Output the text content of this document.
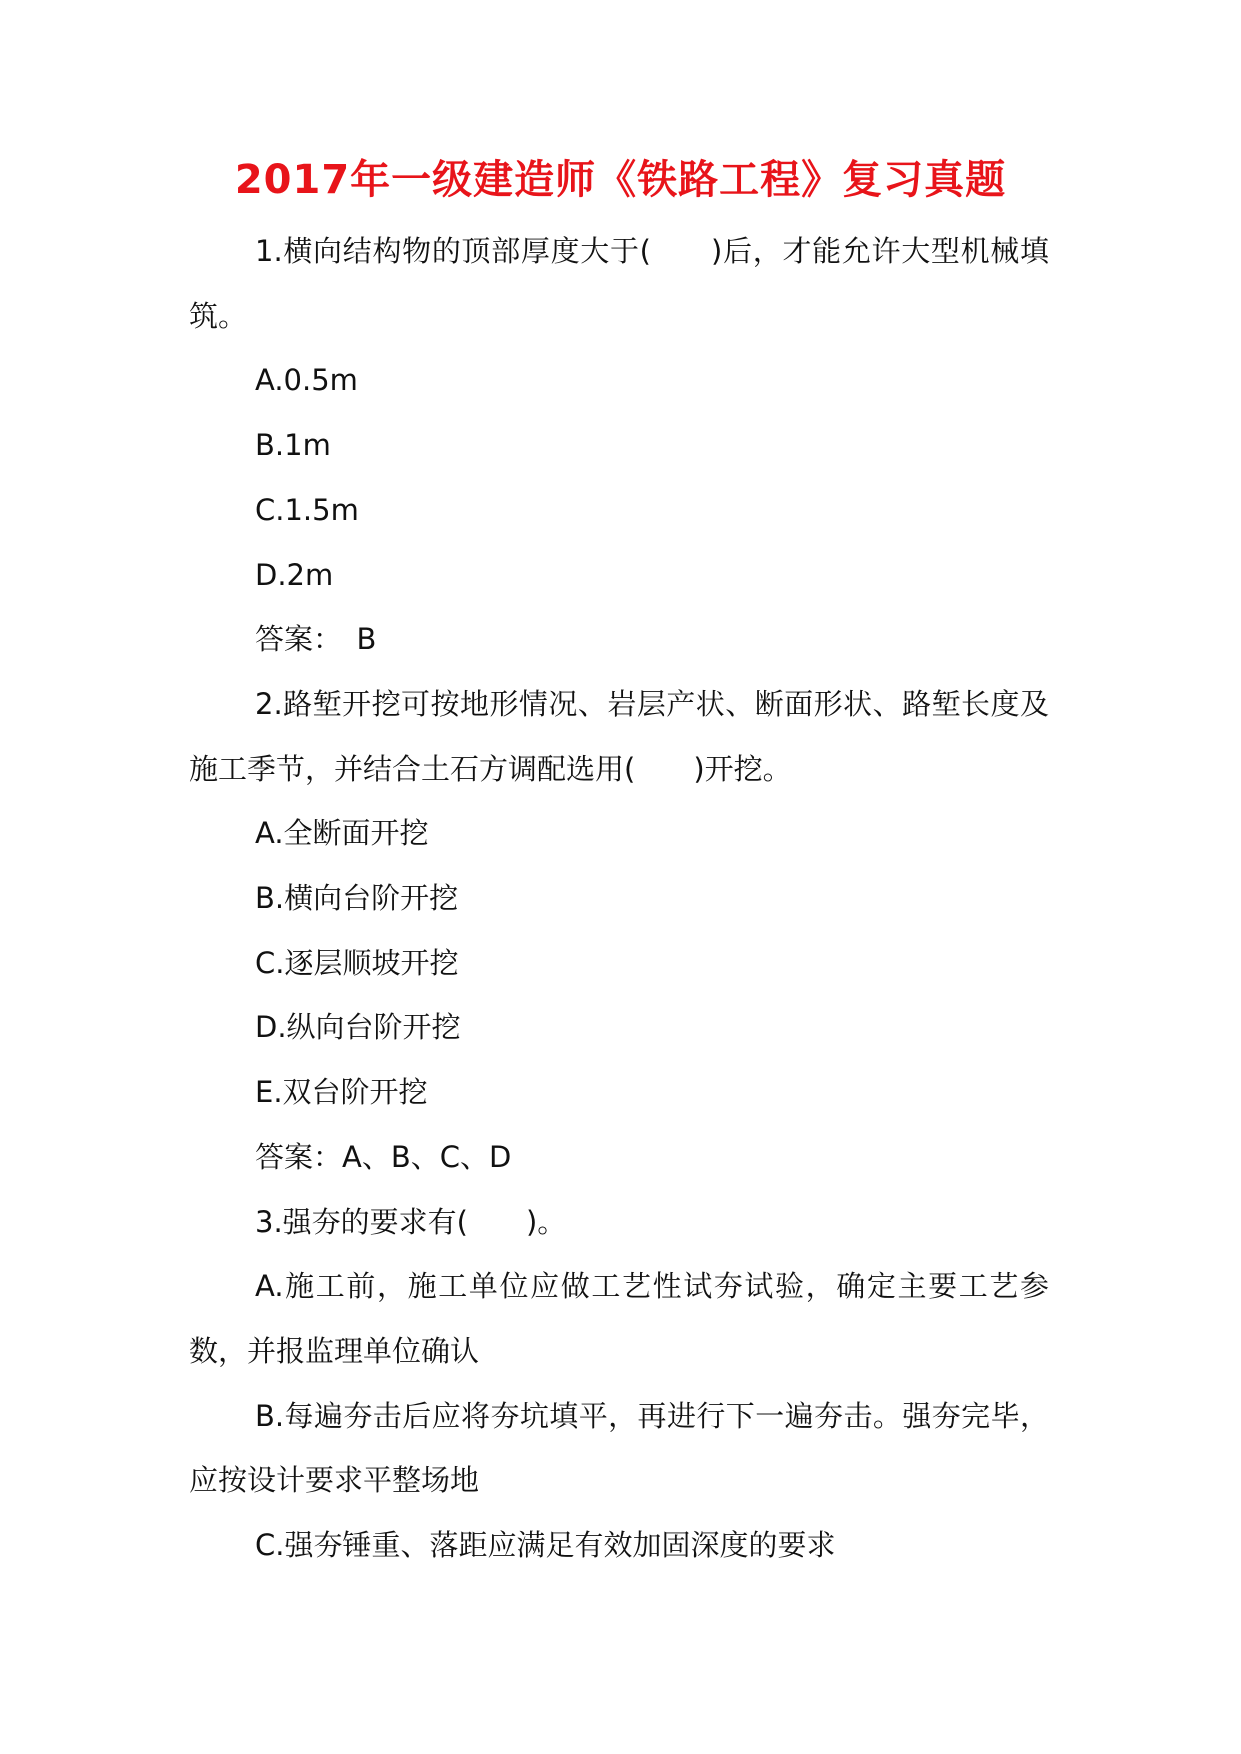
2017年一级建造师《铁路工程》复习真题

1.横向结构物的顶部厚度大于(　　)后，才能允许大型机械填筑。

A.0.5m

B.1m

C.1.5m

D.2m

答案：　B

2.路堑开挖可按地形情况、岩层产状、断面形状、路堑长度及施工季节，并结合土石方调配选用(　　)开挖。

A.全断面开挖

B.横向台阶开挖

C.逐层顺坡开挖

D.纵向台阶开挖

E.双台阶开挖

答案：A、B、C、D

3.强夯的要求有(　　)。

A.施工前，施工单位应做工艺性试夯试验，确定主要工艺参数，并报监理单位确认

B.每遍夯击后应将夯坑填平，再进行下一遍夯击。强夯完毕，应按设计要求平整场地

C.强夯锤重、落距应满足有效加固深度的要求
